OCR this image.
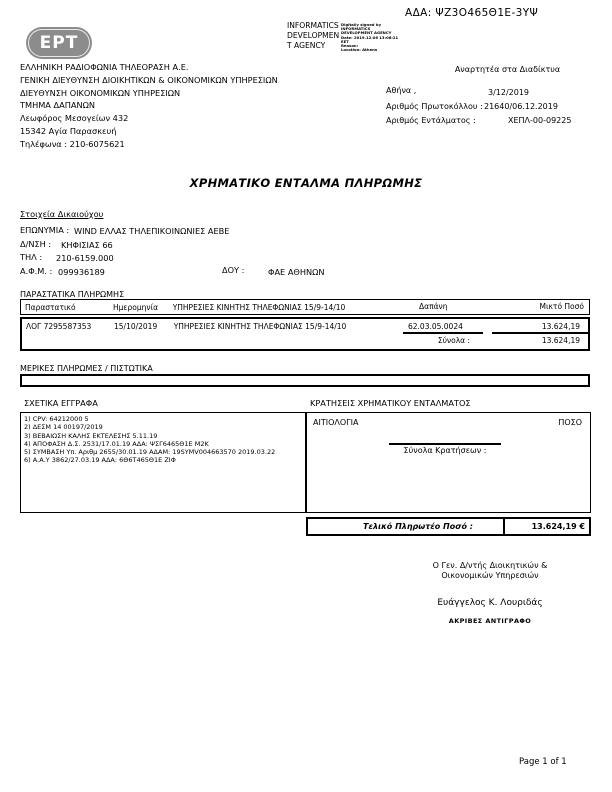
ΕΡΤ
INFORMATICS
DEVELOPMEN
T AGENCY
Digitally signed by
INFORMATICS
DEVELOPMENT AGENCY
Date: 2019.12.06 13:06:21
EET
Reason:
Location: Athens
ΑΔΑ: ΨΖ3Ο465Θ1Ε-3ΥΨ
ΕΛΛΗΝΙΚΗ ΡΑΔΙΟΦΩΝΙΑ ΤΗΛΕΟΡΑΣΗ Α.Ε.
ΓΕΝΙΚΗ ΔΙΕΥΘΥΝΣΗ ΔΙΟΙΚΗΤΙΚΩΝ & ΟΙΚΟΝΟΜΙΚΩΝ ΥΠΗΡΕΣΙΩΝ
ΔΙΕΥΘΥΝΣΗ ΟΙΚΟΝΟΜΙΚΩΝ ΥΠΗΡΕΣΙΩΝ
ΤΜΗΜΑ ΔΑΠΑΝΩΝ
Λεωφόρος Μεσογείων 432
15342 Αγία Παρασκευή
Τηλέφωνα : 210-6075621
Αναρτητέα στα Διαδίκτυα
Αθήνα ,	3/12/2019
Αριθμός Πρωτοκόλλου : 21640/06.12.2019
Αριθμός Εντάλματος :	ΧΕΠΛ-00-09225
ΧΡΗΜΑΤΙΚΟ ΕΝΤΑΛΜΑ ΠΛΗΡΩΜΗΣ
Στοιχεία Δικαιούχου
ΕΠΩΝΥΜΙΑ : WIND ΕΛΛΑΣ ΤΗΛΕΠΙΚΟΙΝΩΝΙΕΣ ΑΕΒΕ
Δ/ΝΣΗ : ΚΗΦΙΣΙΑΣ 66
ΤΗΛ : 210-6159.000
Α.Φ.Μ. : 099936189	ΔΟΥ :	ΦΑΕ ΑΘΗΝΩΝ
ΠΑΡΑΣΤΑΤΙΚΑ ΠΛΗΡΩΜΗΣ
Παραστατικό	Ημερομηνία	ΥΠΗΡΕΣΙΕΣ ΚΙΝΗΤΗΣ ΤΗΛΕΦΩΝΙΑΣ 15/9-14/10	Δαπάνη	Μικτό Ποσό
ΛΟΓ 7295587353	15/10/2019	ΥΠΗΡΕΣΙΕΣ ΚΙΝΗΤΗΣ ΤΗΛΕΦΩΝΙΑΣ 15/9-14/10	62.03.05.0024	13.624,19
Σύνολα :	13.624,19
ΜΕΡΙΚΕΣ ΠΛΗΡΩΜΕΣ / ΠΙΣΤΩΤΙΚΑ
ΣΧΕΤΙΚΑ ΕΓΓΡΑΦΑ	ΚΡΑΤΗΣΕΙΣ ΧΡΗΜΑΤΙΚΟΥ ΕΝΤΑΛΜΑΤΟΣ
1) CPV: 64212000 5
2) ΔΕΣΜ 14 00197/2019
3) ΒΕΒΑΙΩΣΗ ΚΑΛΗΣ ΕΚΤΕΛΕΣΗΣ 5.11.19
4) ΑΠΟΦΑΣΗ Δ.Σ. 2531/17.01.19 ΑΔΑ: ΨΣΓ6465Θ1Ε Μ2Κ
5) ΣΥΜΒΑΣΗ Υπ. Αριθμ 2655/30.01.19 ΑΔΑΜ: 19SYMV004663570 2019.03.22
6) Α.Α.Υ 3862/27.03.19 ΑΔΑ: 6Θ6Τ465Θ1Ε ΖΙΦ
ΑΙΤΙΟΛΟΓΙΑ	ΠΟΣΟ
Σύνολα Κρατήσεων :
Τελικό Πληρωτέο Ποσό :	13.624,19 €
Ο Γεν. Δ/ντής Διοικητικών &
Οικονομικών Υπηρεσιών
Ευάγγελος Κ. Λουριδάς
ΑΚΡΙΒΕΣ ΑΝΤΙΓΡΑΦΟ
Page 1 of 1
